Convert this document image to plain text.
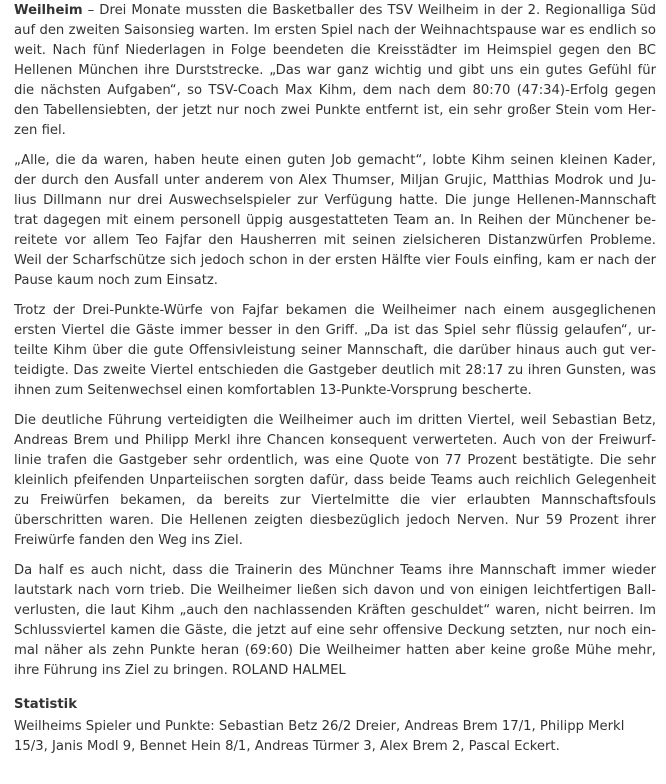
Weilheim – Drei Monate mussten die Basketballer des TSV Weilheim in der 2. Regionalliga Süd auf den zweiten Saisonsieg warten. Im ersten Spiel nach der Weihnachtspause war es endlich so weit. Nach fünf Niederlagen in Folge beendeten die Kreisstädter im Heimspiel gegen den BC Hellenen München ihre Durststrecke. „Das war ganz wichtig und gibt uns ein gutes Gefühl für die nächsten Aufgaben“, so TSV-Coach Max Kihm, dem nach dem 80:70 (47:34)-Erfolg gegen den Tabellensiebten, der jetzt nur noch zwei Punkte entfernt ist, ein sehr großer Stein vom Herzen fiel.

„Alle, die da waren, haben heute einen guten Job gemacht“, lobte Kihm seinen kleinen Kader, der durch den Ausfall unter anderem von Alex Thumser, Miljan Grujic, Matthias Modrok und Julius Dillmann nur drei Auswechselspieler zur Verfügung hatte. Die junge Hellenen-Mannschaft trat dagegen mit einem personell üppig ausgestatteten Team an. In Reihen der Münchener bereitete vor allem Teo Fajfar den Hausherren mit seinen zielsicheren Distanzwürfen Probleme. Weil der Scharfschütze sich jedoch schon in der ersten Hälfte vier Fouls einfing, kam er nach der Pause kaum noch zum Einsatz.

Trotz der Drei-Punkte-Würfe von Fajfar bekamen die Weilheimer nach einem ausgeglichenen ersten Viertel die Gäste immer besser in den Griff. „Da ist das Spiel sehr flüssig gelaufen“, urteilte Kihm über die gute Offensivleistung seiner Mannschaft, die darüber hinaus auch gut verteidigte. Das zweite Viertel entschieden die Gastgeber deutlich mit 28:17 zu ihren Gunsten, was ihnen zum Seitenwechsel einen komfortablen 13-Punkte-Vorsprung bescherte.

Die deutliche Führung verteidigten die Weilheimer auch im dritten Viertel, weil Sebastian Betz, Andreas Brem und Philipp Merkl ihre Chancen konsequent verwerteten. Auch von der Freiwurflinie trafen die Gastgeber sehr ordentlich, was eine Quote von 77 Prozent bestätigte. Die sehr kleinlich pfeifenden Unparteiischen sorgten dafür, dass beide Teams auch reichlich Gelegenheit zu Freiwürfen bekamen, da bereits zur Viertelmitte die vier erlaubten Mannschaftsfouls überschritten waren. Die Hellenen zeigten diesbezüglich jedoch Nerven. Nur 59 Prozent ihrer Freiwürfe fanden den Weg ins Ziel.

Da half es auch nicht, dass die Trainerin des Münchner Teams ihre Mannschaft immer wieder lautstark nach vorn trieb. Die Weilheimer ließen sich davon und von einigen leichtfertigen Ballverlusten, die laut Kihm „auch den nachlassenden Kräften geschuldet“ waren, nicht beirren. Im Schlussviertel kamen die Gäste, die jetzt auf eine sehr offensive Deckung setzten, nur noch einmal näher als zehn Punkte heran (69:60) Die Weilheimer hatten aber keine große Mühe mehr, ihre Führung ins Ziel zu bringen. ROLAND HALMEL

Statistik

Weilheims Spieler und Punkte: Sebastian Betz 26/2 Dreier, Andreas Brem 17/1, Philipp Merkl 15/3, Janis Modl 9, Bennet Hein 8/1, Andreas Türmer 3, Alex Brem 2, Pascal Eckert.
